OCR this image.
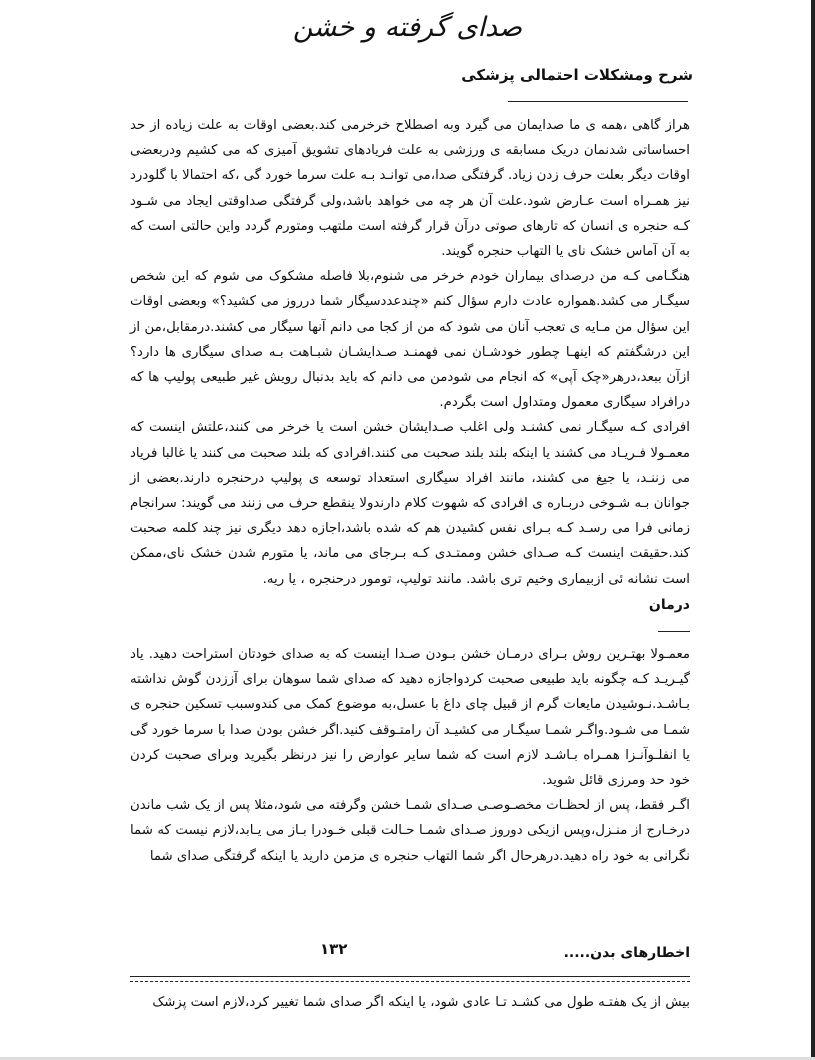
صدای گرفته و خشن
شرح ومشکلات احتمالی پزشکی

هراز گاهی ،همه ی ما صدایمان می گیرد وبه اصطلاح خرخرمی کند.بعضی اوقات به علت زیاده از حد احساساتی شدنمان دریک مسابقه ی ورزشی به علت فریادهای تشویق آمیزی که می کشیم ودربعضی اوقات دیگر بعلت حرف زدن زیاد. گرفتگی صدا،می توانـد بـه علت سرما خورد گی ،که احتمالا با گلودرد نیز همـراه است عـارض شود.علت آن هر چه می خواهد باشد،ولی گرفتگی صداوقتی ایجاد می شـود کـه حنجره ی انسان که تارهای صوتی درآن قرار گرفته است ملتهب ومتورم گردد واین حالتی است که به آن آماس خشک نای یا التهاب حنجره گویند.

هنگـامی کـه من درصدای بیماران خودم خرخر می شنوم،بلا فاصله مشکوک می شوم که این شخص سیگـار می کشد.همواره عادت دارم سؤال کنم «چندعددسیگار شما درروز می کشید؟» وبعضی اوقات این سؤال من مـایه ی تعجب آنان می شود که من از کجا می دانم آنها سیگار می کشند.درمقابل،من از این درشگفتم که اینهـا چطور خودشـان نمی فهمنـد صـدایشـان شبـاهت بـه صدای سیگاری ها دارد؟ازآن ببعد،درهر«چک آپی» که انجام می شودمن می دانم که باید بدنبال رویش غیر طبیعی پولیپ ها که درافراد سیگاری معمول ومتداول است بگردم.

افرادی کـه سیگـار نمی کشنـد ولی اغلب صـدایشان خشن است یا خرخر می کنند،علتش اینست که معمـولا فـریـاد می کشند یا اینکه بلند بلند صحبت می کنند.افرادی که بلند صحبت می کنند یا غالبا فریاد می زننـد، یا جیغ می کشند، مانند افراد سیگاری استعداد توسعه ی پولیپ درحنجره دارند.بعضی از جوانان بـه شـوخی دربـاره ی افرادی که شهوت کلام دارندولا ینقطع حرف می زنند می گویند: سرانجام زمانی فرا می رسـد کـه بـرای نفس کشیدن هم که شده باشد،اجازه دهد دیگری نیز چند کلمه صحبت کند.حقیقت اینست کـه صـدای خشن وممتـدی کـه بـرجای می ماند، یا متورم شدن خشک نای،ممکن است نشانه ئی ازبیماری وخیم تری باشد. مانند تولیپ، تومور درحنجره ، یا ریه.

درمان

معمـولا بهتـرین روش بـرای درمـان خشن بـودن صـدا اینست که به صدای خودتان استراحت دهید. یاد گیـریـد کـه چگونه باید طبیعی صحبت کردواجازه دهید که صدای شما سوهان برای آززدن گوش نداشته بـاشـد.نـوشیدن مایعات گرم از قبیل چای داغ با عسل،به موضوع کمک می کندوسبب تسکین حنجره ی شمـا می شـود.واگـر شمـا سیگـار می کشیـد آن رامتـوقف کنید.اگر خشن بودن صدا با سرما خورد گی یا انفلـوآنـزا همـراه بـاشـد لازم است که شما سایر عوارض را نیز درنظر بگیرید وبرای صحبت کردن خود حد ومرزی قائل شوید.

اگـر فقط، پس از لحظـات مخصـوصـی صـدای شمـا خشن وگرفته می شود،مثلا پس از یک شب ماندن درخـارج از منـزل،وپس ازیکی دوروز صـدای شمـا حـالت قبلی خـودرا بـاز می یـابد،لازم نیست که شما نگرانی به خود راه دهید.درهرحال اگر شما التهاب حنجره ی مزمن دارید یا اینکه گرفتگی صدای شما

اخطارهای بدن.....
۱۳۲
بیش از یک هفتـه طول می کشـد تـا عادی شود، یا اینکه اگر صدای شما تغییر کرد،لازم است پزشک
